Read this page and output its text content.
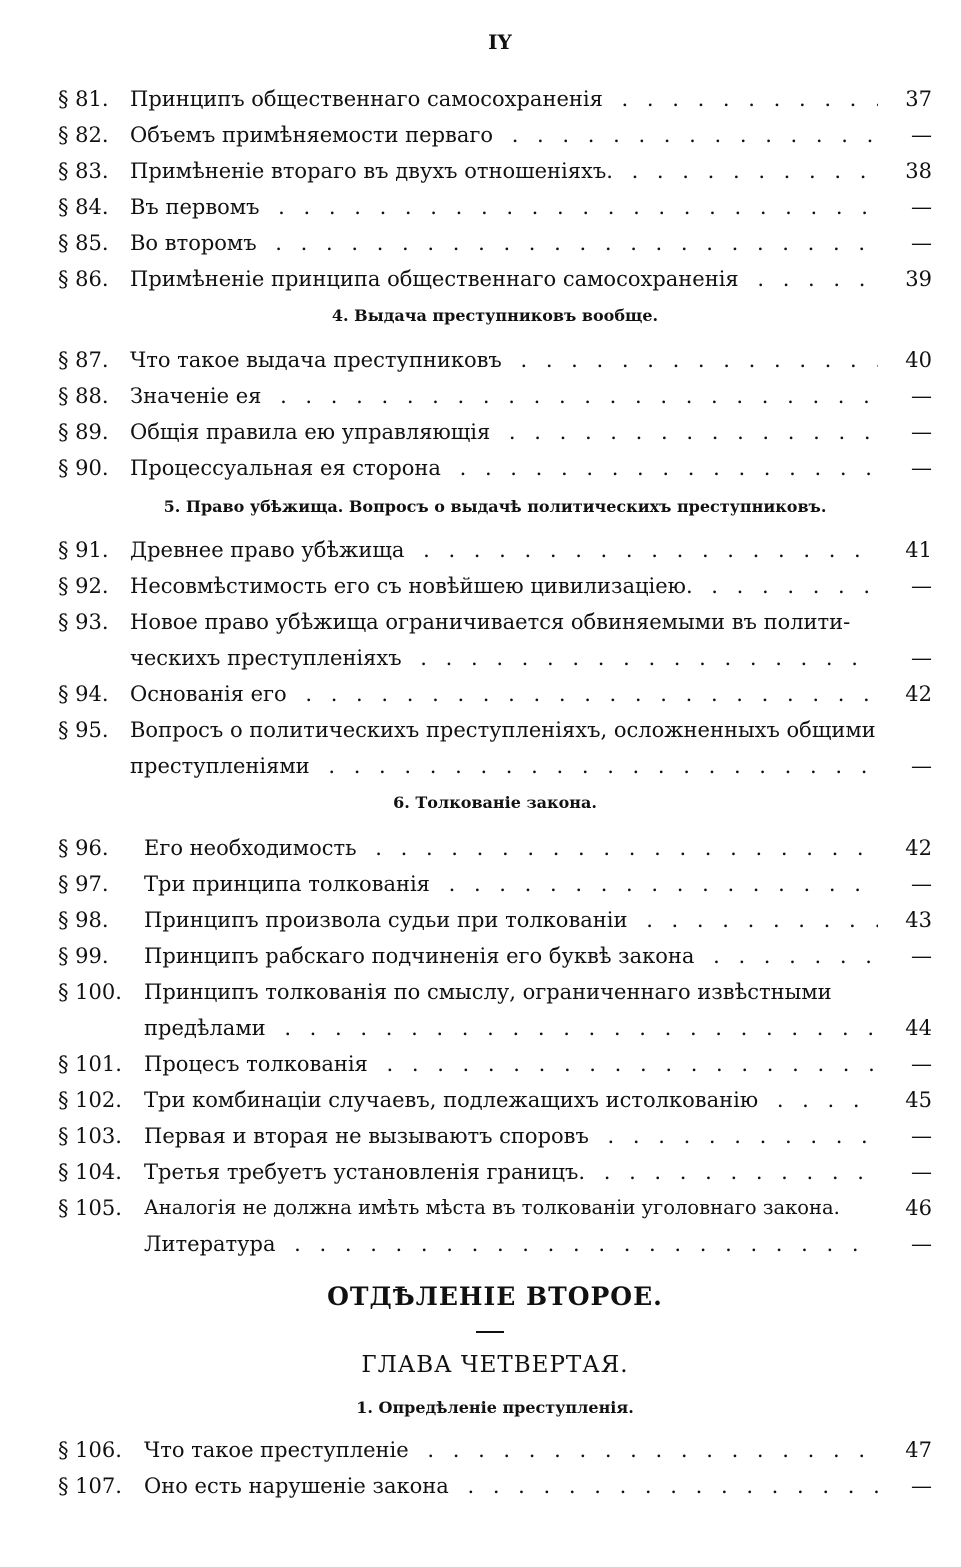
IY
§ 81. Принципъ общественнаго самосохраненія . . .	37
§ 82. Объемъ примѣняемости перваго . . .	—
§ 83. Примѣненіе втораго въ двухъ отношеніяхъ. . . .	38
§ 84. Въ первомъ . . .	—
§ 85. Во второмъ . . .	—
§ 86. Примѣненіе принципа общественнаго самосохраненія . . .	39
4. Выдача преступниковъ вообще.
§ 87. Что такое выдача преступниковъ . . .	40
§ 88. Значеніе ея . . .	—
§ 89. Общія правила ею управляющія . . .	—
§ 90. Процессуальная ея сторона . . .	—
5. Право убѣжища. Вопросъ о выдачѣ политическихъ преступниковъ.
§ 91. Древнее право убѣжища . . .	41
§ 92. Несовмѣстимость его съ новѣйшею цивилизаціею. . . .	—
§ 93. Новое право убѣжища ограничивается обвиняемыми въ полити-
ческихъ преступленіяхъ . . .	—
§ 94. Основанія его . . .	42
§ 95. Вопросъ о политическихъ преступленіяхъ, осложненныхъ общими
преступленіями . . .	—
6. Толкованіе закона.
§ 96. Его необходимость . . .	42
§ 97. Три принципа толкованія . . .	—
§ 98. Принципъ произвола судьи при толкованіи . . .	43
§ 99. Принципъ рабскаго подчиненія его буквѣ закона . . .	—
§ 100. Принципъ толкованія по смыслу, ограниченнаго извѣстными
предѣлами . . .	44
§ 101. Процесъ толкованія . . .	—
§ 102. Три комбинаціи случаевъ, подлежащихъ истолкованію . . .	45
§ 103. Первая и вторая не вызываютъ споровъ . . .	—
§ 104. Третья требуетъ установленія границъ. . . .	—
§ 105. Аналогія не должна имѣть мѣста въ толкованіи уголовнаго закона.	46
Литература . . .	—
ОТДѢЛЕНІЕ ВТОРОЕ.
ГЛАВА ЧЕТВЕРТАЯ.
1. Опредѣленіе преступленія.
§ 106. Что такое преступленіе . . .	47
§ 107. Оно есть нарушеніе закона . . .	—
